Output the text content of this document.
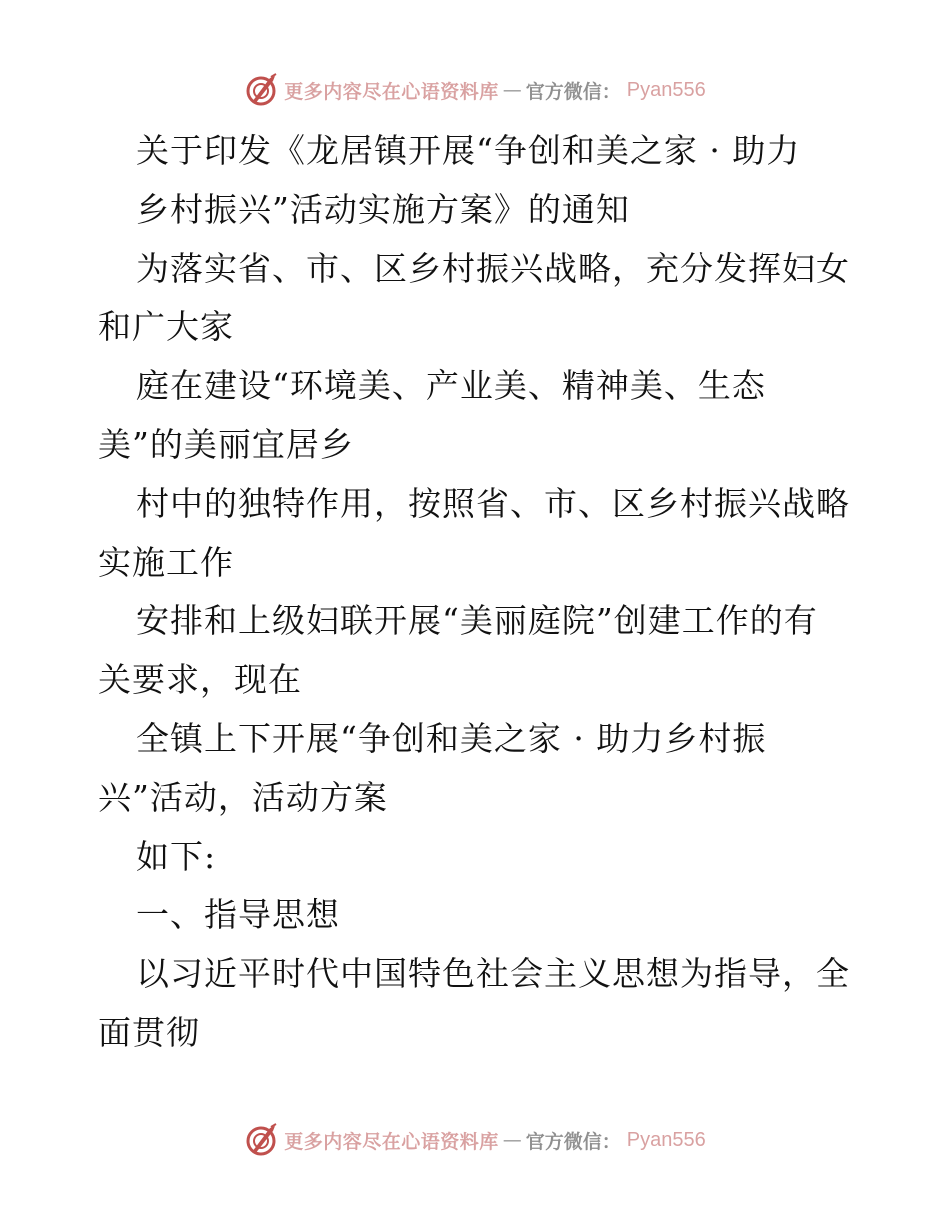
更多内容尽在心语资料库 — 官方微信： Pyan556
关于印发《龙居镇开展“争创和美之家 · 助力
乡村振兴”活动实施方案》的通知
为落实省、市、区乡村振兴战略，充分发挥妇女
和广大家
庭在建设“环境美、产业美、精神美、生态
美”的美丽宜居乡
村中的独特作用，按照省、市、区乡村振兴战略
实施工作
安排和上级妇联开展“美丽庭院”创建工作的有
关要求，现在
全镇上下开展“争创和美之家 · 助力乡村振
兴”活动，活动方案
如下:
一、指导思想
以习近平时代中国特色社会主义思想为指导，全
面贯彻
更多内容尽在心语资料库 — 官方微信： Pyan556
